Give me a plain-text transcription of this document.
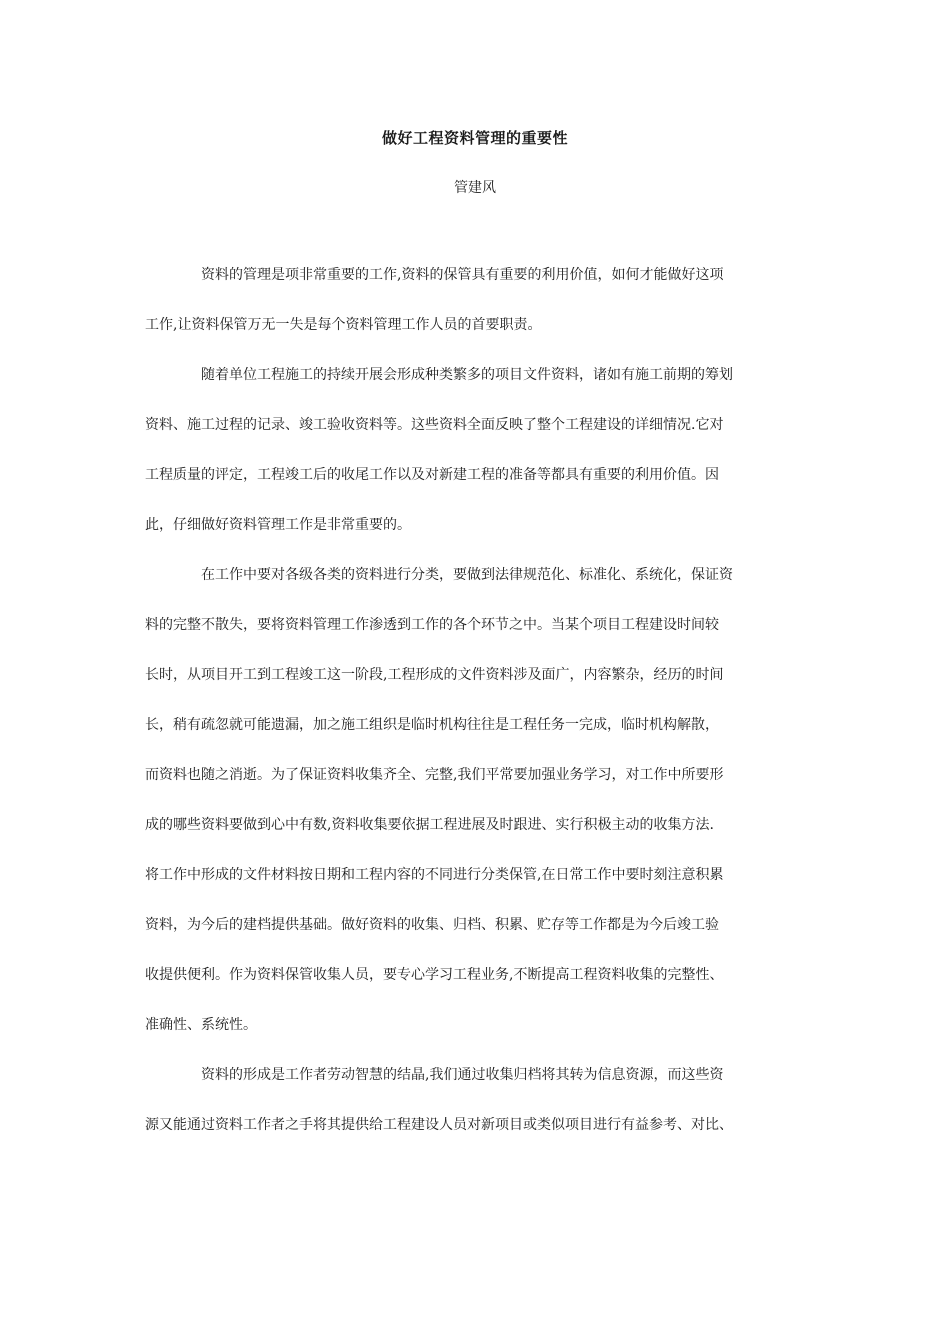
做好工程资料管理的重要性
管建风
资料的管理是项非常重要的工作,资料的保管具有重要的利用价值，如何才能做好这项
工作,让资料保管万无一失是每个资料管理工作人员的首要职责。
随着单位工程施工的持续开展会形成种类繁多的项目文件资料，诸如有施工前期的筹划
资料、施工过程的记录、竣工验收资料等。这些资料全面反映了整个工程建设的详细情况.它对
工程质量的评定，工程竣工后的收尾工作以及对新建工程的准备等都具有重要的利用价值。因
此，仔细做好资料管理工作是非常重要的。
在工作中要对各级各类的资料进行分类，要做到法律规范化、标准化、系统化，保证资
料的完整不散失，要将资料管理工作渗透到工作的各个环节之中。当某个项目工程建设时间较
长时，从项目开工到工程竣工这一阶段,工程形成的文件资料涉及面广，内容繁杂，经历的时间
长，稍有疏忽就可能遗漏，加之施工组织是临时机构往往是工程任务一完成，临时机构解散，
而资料也随之消逝。为了保证资料收集齐全、完整,我们平常要加强业务学习，对工作中所要形
成的哪些资料要做到心中有数,资料收集要依据工程进展及时跟进、实行积极主动的收集方法.
将工作中形成的文件材料按日期和工程内容的不同进行分类保管,在日常工作中要时刻注意积累
资料，为今后的建档提供基础。做好资料的收集、归档、积累、贮存等工作都是为今后竣工验
收提供便利。作为资料保管收集人员，要专心学习工程业务,不断提高工程资料收集的完整性、
准确性、系统性。
资料的形成是工作者劳动智慧的结晶,我们通过收集归档将其转为信息资源，而这些资
源又能通过资料工作者之手将其提供给工程建设人员对新项目或类似项目进行有益参考、对比、
